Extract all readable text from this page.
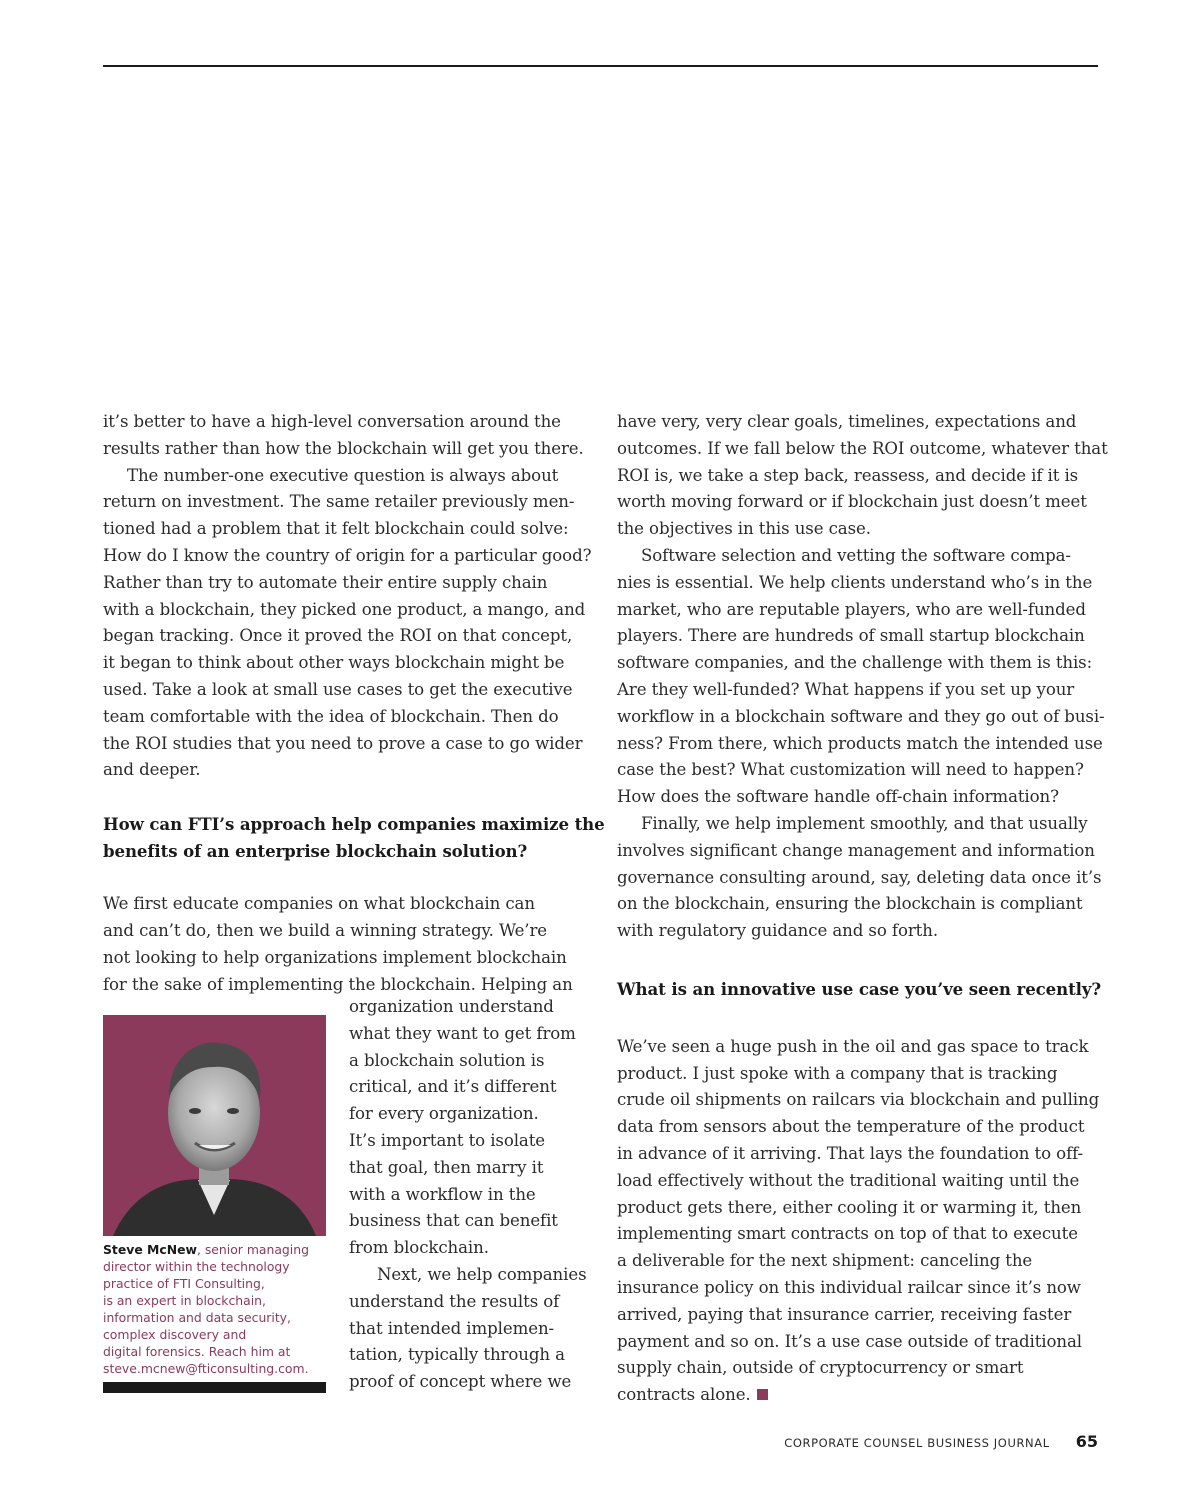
it’s better to have a high-level conversation around the
results rather than how the blockchain will get you there.

The number-one executive question is always about
return on investment. The same retailer previously men-
tioned had a problem that it felt blockchain could solve:
How do I know the country of origin for a particular good?
Rather than try to automate their entire supply chain
with a blockchain, they picked one product, a mango, and
began tracking. Once it proved the ROI on that concept,
it began to think about other ways blockchain might be
used. Take a look at small use cases to get the executive
team comfortable with the idea of blockchain. Then do
the ROI studies that you need to prove a case to go wider
and deeper.

How can FTI’s approach help companies maximize the
benefits of an enterprise blockchain solution?

We first educate companies on what blockchain can
and can’t do, then we build a winning strategy. We’re
not looking to help organizations implement blockchain
for the sake of implementing the blockchain. Helping an

organization understand
what they want to get from
a blockchain solution is
critical, and it’s different
for every organization.
It’s important to isolate
that goal, then marry it
with a workflow in the
business that can benefit
from blockchain.

Next, we help companies
understand the results of
that intended implemen-
tation, typically through a
proof of concept where we

Steve McNew, senior managing
director within the technology
practice of FTI Consulting,
is an expert in blockchain,
information and data security,
complex discovery and
digital forensics. Reach him at
steve.mcnew@fticonsulting.com.

have very, very clear goals, timelines, expectations and
outcomes. If we fall below the ROI outcome, whatever that
ROI is, we take a step back, reassess, and decide if it is
worth moving forward or if blockchain just doesn’t meet
the objectives in this use case.

Software selection and vetting the software compa-
nies is essential. We help clients understand who’s in the
market, who are reputable players, who are well-funded
players. There are hundreds of small startup blockchain
software companies, and the challenge with them is this:
Are they well-funded? What happens if you set up your
workflow in a blockchain software and they go out of busi-
ness? From there, which products match the intended use
case the best? What customization will need to happen?
How does the software handle off-chain information?

Finally, we help implement smoothly, and that usually
involves significant change management and information
governance consulting around, say, deleting data once it’s
on the blockchain, ensuring the blockchain is compliant
with regulatory guidance and so forth.

What is an innovative use case you’ve seen recently?

We’ve seen a huge push in the oil and gas space to track
product. I just spoke with a company that is tracking
crude oil shipments on railcars via blockchain and pulling
data from sensors about the temperature of the product
in advance of it arriving. That lays the foundation to off-
load effectively without the traditional waiting until the
product gets there, either cooling it or warming it, then
implementing smart contracts on top of that to execute
a deliverable for the next shipment: canceling the
insurance policy on this individual railcar since it’s now
arrived, paying that insurance carrier, receiving faster
payment and so on. It’s a use case outside of traditional
supply chain, outside of cryptocurrency or smart
contracts alone.

CORPORATE COUNSEL BUSINESS JOURNAL 65
